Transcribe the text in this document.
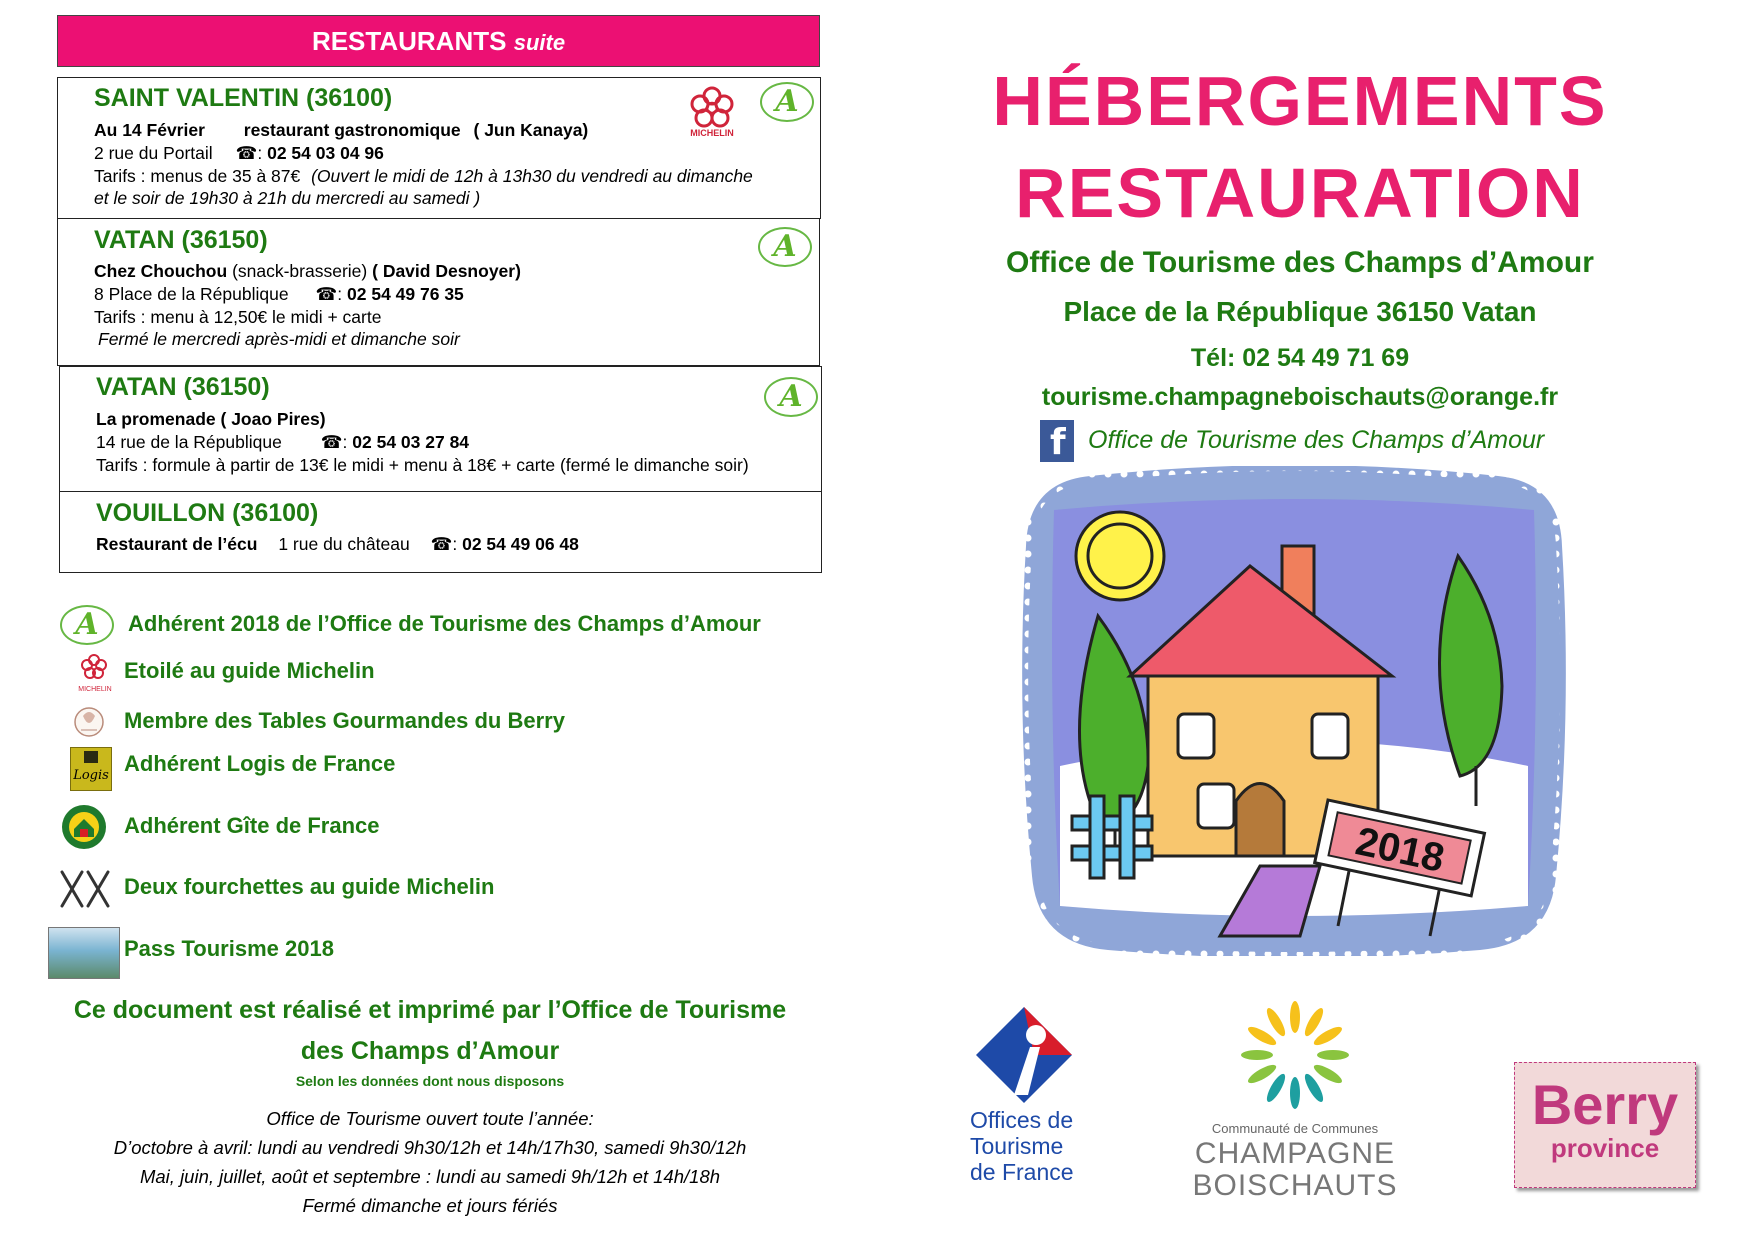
RESTAURANTS suite
SAINT VALENTIN (36100)
Au 14 Février restaurant gastronomique ( Jun Kanaya)
2 rue du Portail ☎: 02 54 03 04 96
Tarifs : menus de 35 à 87€ (Ouvert le midi de 12h à 13h30 du vendredi au dimanche
et le soir de 19h30 à 21h du mercredi au samedi )
MICHELIN
A
VATAN (36150)
Chez Chouchou (snack-brasserie) ( David Desnoyer)
8 Place de la République ☎: 02 54 49 76 35
Tarifs : menu à 12,50€ le midi + carte
Fermé le mercredi après-midi et dimanche soir
A
VATAN (36150)
La promenade ( Joao Pires)
14 rue de la République ☎: 02 54 03 27 84
Tarifs : formule à partir de 13€ le midi + menu à 18€ + carte (fermé le dimanche soir)
A
VOUILLON (36100)
Restaurant de l’écu 1 rue du château ☎: 02 54 49 06 48
A	Adhérent 2018 de l’Office de Tourisme des Champs d’Amour
MICHELIN
Etoilé au guide Michelin
Membre des Tables Gourmandes du Berry
Logis Adhérent Logis de France
Adhérent Gîte de France
Deux fourchettes au guide Michelin
Pass Tourisme 2018
Ce document est réalisé et imprimé par l’Office de Tourisme
des Champs d’Amour
Selon les données dont nous disposons
Office de Tourisme ouvert toute l’année:
D’octobre à avril: lundi au vendredi 9h30/12h et 14h/17h30, samedi 9h30/12h
Mai, juin, juillet, août et septembre : lundi au samedi 9h/12h et 14h/18h
Fermé dimanche et jours fériés
HÉBERGEMENTS
RESTAURATION
Office de Tourisme des Champs d’Amour
Place de la République 36150 Vatan
Tél: 02 54 49 71 69
tourisme.champagneboischauts@orange.fr
f Office de Tourisme des Champs d’Amour
2018
Offices de
Tourisme
de France
Communauté de Communes
CHAMPAGNE
BOISCHAUTS
Berry
province
